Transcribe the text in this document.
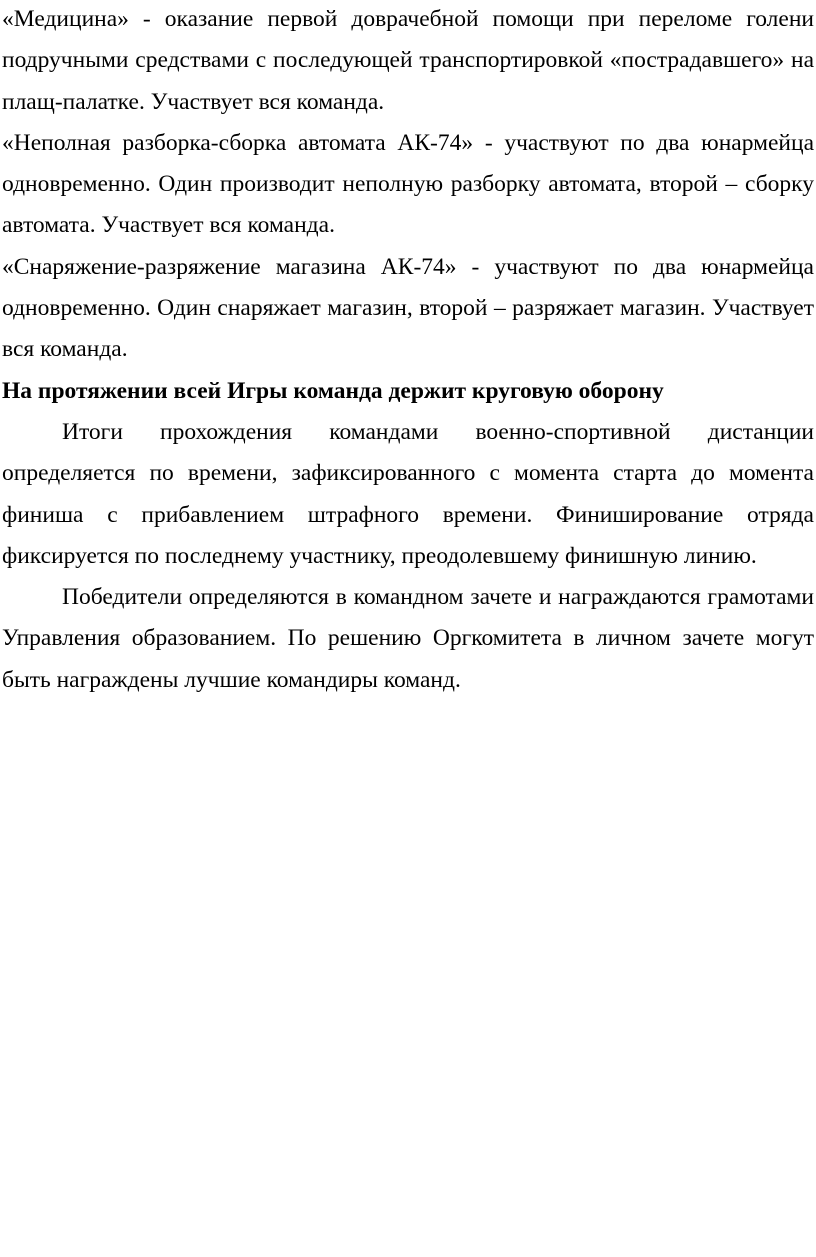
«Медицина» - оказание первой доврачебной помощи при переломе голени подручными средствами с последующей транспортировкой «пострадавшего» на плащ-палатке. Участвует вся команда.

«Неполная разборка-сборка автомата АК-74» - участвуют по два юнармейца одновременно. Один производит неполную разборку автомата, второй – сборку автомата. Участвует вся команда.

«Снаряжение-разряжение магазина АК-74» - участвуют по два юнармейца одновременно. Один снаряжает магазин, второй – разряжает магазин. Участвует вся команда.

На протяжении всей Игры команда держит круговую оборону

Итоги прохождения командами военно-спортивной дистанции определяется по времени, зафиксированного с момента старта до момента финиша с прибавлением штрафного времени. Финиширование отряда фиксируется по последнему участнику, преодолевшему финишную линию.

Победители определяются в командном зачете и награждаются грамотами Управления образованием. По решению Оргкомитета в личном зачете могут быть награждены лучшие командиры команд.
